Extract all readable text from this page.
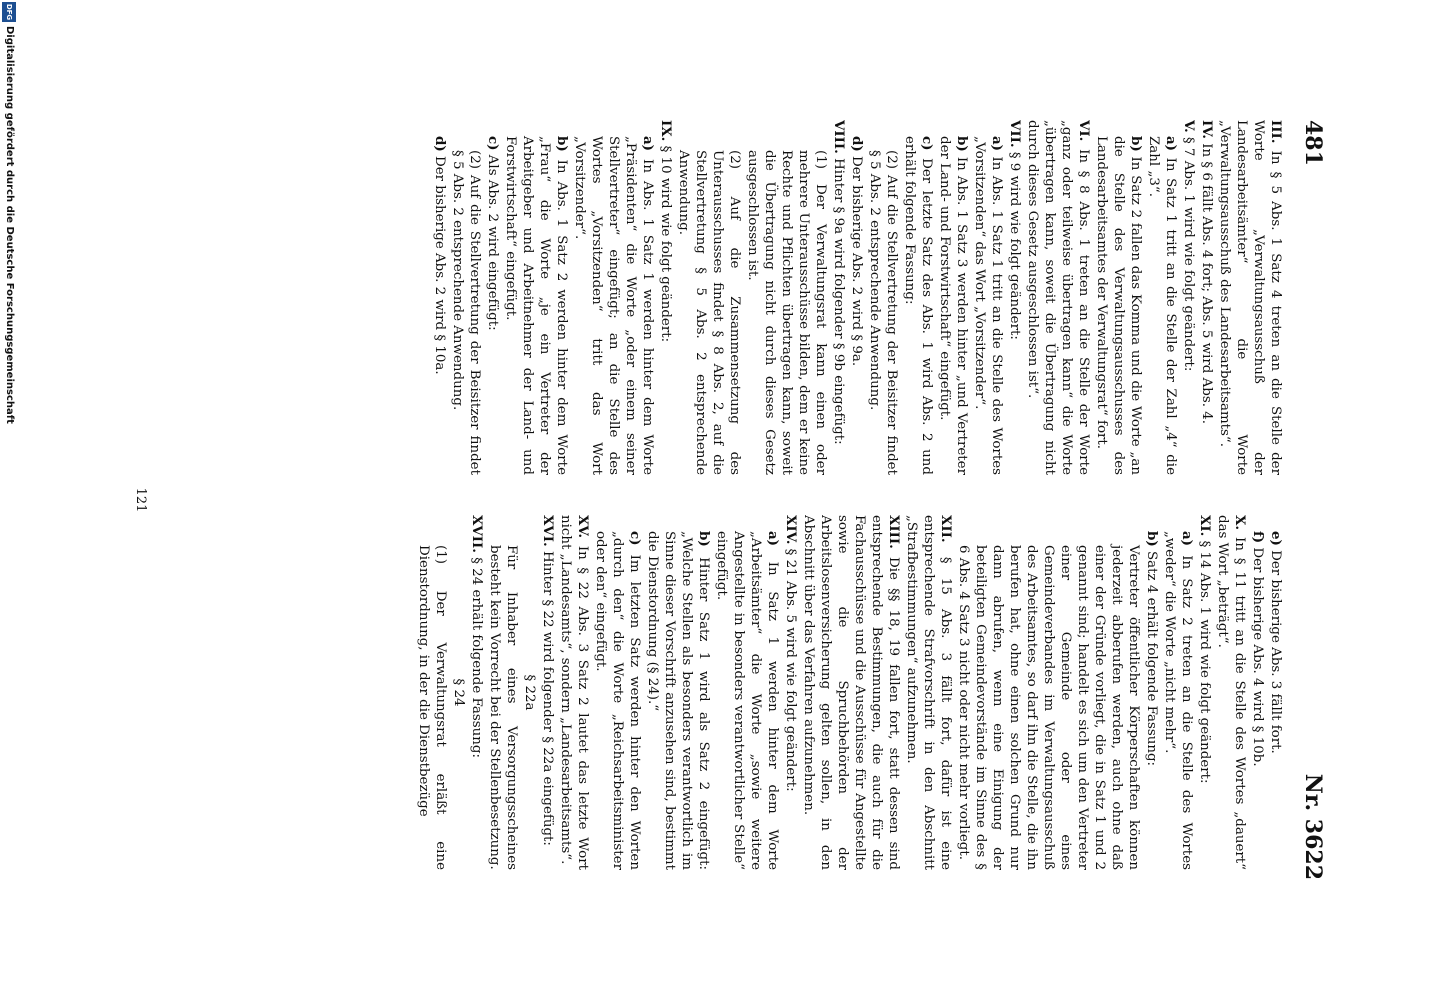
481
Nr. 3622

III. In § 5 Abs. 1 Satz 4 treten an die Stelle der Worte „Verwaltungsausschuß der Landesarbeitsämter“ die Worte „Verwaltungsausschuß des Landesarbeitsamts“.

IV. In § 6 fällt Abs. 4 fort; Abs. 5 wird Abs. 4.

V. § 7 Abs. 1 wird wie folgt geändert:

a) In Satz 1 tritt an die Stelle der Zahl „4“ die Zahl „3“.

b) In Satz 2 fallen das Komma und die Worte „an die Stelle des Verwaltungsausschusses des Landesarbeitsamtes der Verwaltungsrat“ fort.

VI. In § 8 Abs. 1 treten an die Stelle der Worte „ganz oder teilweise übertragen kann“ die Worte „übertragen kann, soweit die Übertragung nicht durch dieses Gesetz ausgeschlossen ist“.

VII. § 9 wird wie folgt geändert:

a) In Abs. 1 Satz 1 tritt an die Stelle des Wortes „Vorsitzenden“ das Wort „Vorsitzender“.

b) In Abs. 1 Satz 3 werden hinter „und Vertreter der Land- und Forstwirtschaft“ eingefügt.

c) Der letzte Satz des Abs. 1 wird Abs. 2 und erhält folgende Fassung:

(2) Auf die Stellvertretung der Beisitzer findet § 5 Abs. 2 entsprechende Anwendung.

d) Der bisherige Abs. 2 wird § 9a.

VIII. Hinter § 9a wird folgender § 9b eingefügt:

(1) Der Verwaltungsrat kann einen oder mehrere Unterausschüsse bilden, dem er keine Rechte und Pflichten übertragen kann, soweit die Übertragung nicht durch dieses Gesetz ausgeschlossen ist.

(2) Auf die Zusammensetzung des Unterausschusses findet § 8 Abs. 2, auf die Stellvertretung § 5 Abs. 2 entsprechende Anwendung.

IX. § 10 wird wie folgt geändert:

a) In Abs. 1 Satz 1 werden hinter dem Worte „Präsidenten“ die Worte „oder einem seiner Stellvertreter“ eingefügt; an die Stelle des Wortes „Vorsitzenden“ tritt das Wort „Vorsitzender“.

b) In Abs. 1 Satz 2 werden hinter dem Worte „Frau“ die Worte „je ein Vertreter der Arbeitgeber und Arbeitnehmer der Land- und Forstwirtschaft“ eingefügt.

c) Als Abs. 2 wird eingefügt:

(2) Auf die Stellvertretung der Beisitzer findet § 5 Abs. 2 entsprechende Anwendung.

d) Der bisherige Abs. 2 wird § 10a.

e) Der bisherige Abs. 3 fällt fort.

f) Der bisherige Abs. 4 wird § 10b.

X. In § 11 tritt an die Stelle des Wortes „dauert“ das Wort „beträgt“.

XI. § 14 Abs. 1 wird wie folgt geändert:

a) In Satz 2 treten an die Stelle des Wortes „weder“ die Worte „nicht mehr“.

b) Satz 4 erhält folgende Fassung:

Vertreter öffentlicher Körperschaften können jederzeit abberufen werden, auch ohne daß einer der Gründe vorliegt, die in Satz 1 und 2 genannt sind; handelt es sich um den Vertreter einer Gemeinde oder eines Gemeindeverbandes im Verwaltungsausschuß des Arbeitsamtes, so darf ihn die Stelle, die ihn berufen hat, ohne einen solchen Grund nur dann abrufen, wenn eine Einigung der beteiligten Gemeindevorstände im Sinne des § 6 Abs. 4 Satz 3 nicht oder nicht mehr vorliegt.

XII. § 15 Abs. 3 fällt fort, dafür ist eine entsprechende Strafvorschrift in den Abschnitt „Strafbestimmungen“ aufzunehmen.

XIII. Die §§ 18, 19 fallen fort, statt dessen sind entsprechende Bestimmungen, die auch für die Fachausschüsse und die Ausschüsse für Angestellte sowie die Spruchbehörden der Arbeitslosenversicherung gelten sollen, in den Abschnitt über das Verfahren aufzunehmen.

XIV. § 21 Abs. 5 wird wie folgt geändert:

a) In Satz 1 werden hinter dem Worte „Arbeitsämter“ die Worte „sowie weitere Angestellte in besonders verantwortlicher Stelle“ eingefügt.

b) Hinter Satz 1 wird als Satz 2 eingefügt: „Welche Stellen als besonders verantwortlich im Sinne dieser Vorschrift anzusehen sind, bestimmt die Dienstordnung (§ 24).“

c) Im letzten Satz werden hinter den Worten „durch den“ die Worte „Reichsarbeitsminister oder den“ eingefügt.

XV. In § 22 Abs. 3 Satz 2 lautet das letzte Wort nicht „Landesamts“, sondern „Landesarbeitsamts“.

XVI. Hinter § 22 wird folgender § 22a eingefügt:

§ 22a

Für Inhaber eines Versorgungsscheines besteht kein Vorrecht bei der Stellenbesetzung.

XVII. § 24 erhält folgende Fassung:

§ 24

(1) Der Verwaltungsrat erläßt eine Dienstordnung, in der die Dienstbezüge

121
DFG
Digitalisierung gefördert durch die Deutsche Forschungsgemeinschaft
